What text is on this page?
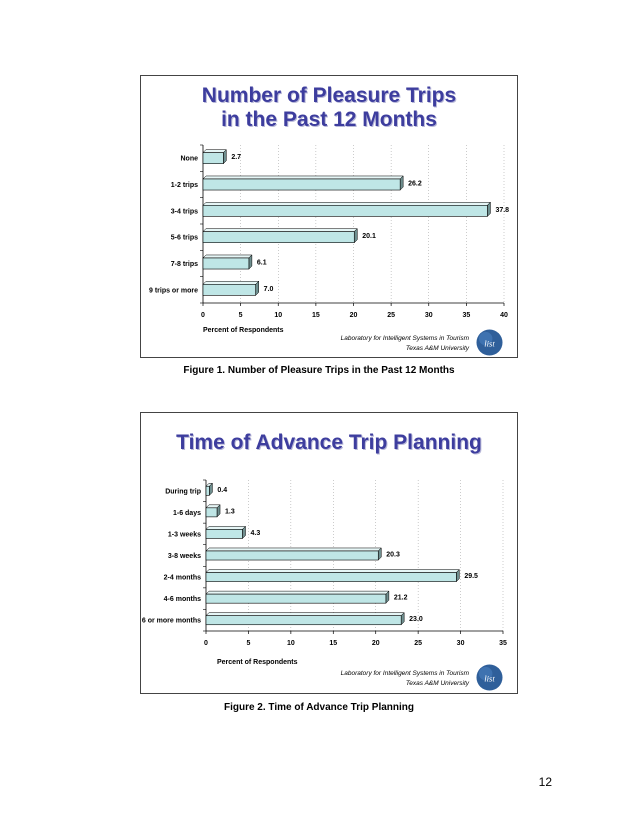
Number of Pleasure Trips
in the Past 12 Months
0	5	10	15	20	25	30	35	40
None	2.7
1-2 trips	26.2
3-4 trips	37.8
5-6 trips	20.1
7-8 trips	6.1
9 trips or more	7.0
Percent of Respondents
Laboratory for Intelligent Systems in Tourism
Texas A&M University list

Figure 1. Number of Pleasure Trips in the Past 12 Months

Time of Advance Trip Planning
0	5	10	15	20	25	30	35
During trip 0.4
1-6 days	1.3
1-3 weeks	4.3
3-8 weeks	20.3
2-4 months	29.5
4-6 months	21.2
6 or more months	23.0
Percent of Respondents
Laboratory for Intelligent Systems in Tourism
Texas A&M University list

Figure 2. Time of Advance Trip Planning

12
